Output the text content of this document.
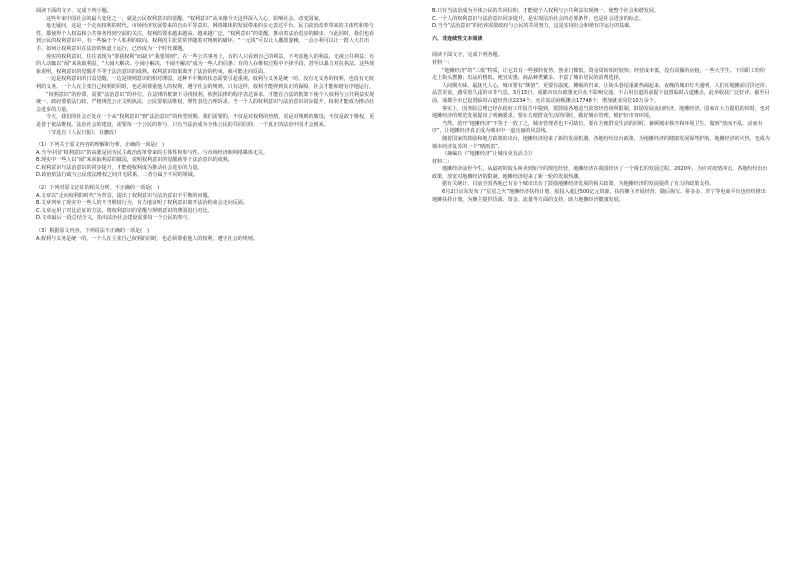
阅读下面的文字，完成下列小题。

这些年来中国社会的最大变化之一，就是公民权利意识的觉醒。“权利意识”从未像今天这样深入人心，影响社会、改变国家。

毫无疑问，这是一个走向权利的时代。市场经济发展带来的自由平等意识、网络媒体的发展带来的多元表达平台、民主政治改革带来的主体性和参与性，都使得个人权益和公共事务得到空前的关注，权利的要求越来越高、越来越广泛，“权利意识”的觉醒，推动着法治进步的脚步。与此同时，我们也看到公民的权利意识中，有一些偏于个人私利的取向，权利的主张常常伴随着对规则的破坏，“一元钱”可以让人撒泼耍赖，一点小利可以让一群人大打出手。如何让权利意识在法治的轨道上运行，已经成为一个时代课题。

现实的权利意识，往往表现为“要我权利”而缺少“我要规则”。在一些公共事务上，有的人只看到自己的利益，不考虑他人的利益，无视公共利益；有的人动辄以“闹”来获取利益，“大闹大解决、小闹小解决、不闹不解决”成为一些人的信条；有的人在维权过程中不择手段，甚至以暴力对抗执法。这些现象说明，权利意识的觉醒并不等于法治意识的成熟。权利意识如果离开了法治的约束，就可能走向反面。

一边是权利意识的日益觉醒，一边是规则意识的相对薄弱，这种不平衡的状态需要引起重视。权利与义务是统一的，没有无义务的权利，也没有无权利的义务。一个人在主张自己权利的同时，也必须尊重他人的权利，遵守社会的规则。只有这样，权利才能得到真正的保障，社会才能和谐有序地运行。

“权利意识”的停滞，需要“法治意识”的补位。在法律的框架下寻找权利，依照法律的程序表达诉求，才能在合法的框架下使个人权利与公共利益实现统一。政府要依法行政，严格规范公正文明执法，公民要依法维权，理性表达合理诉求。当一个人的权利意识与法治意识同步提升，权利才能成为推动社会进步的力量。

今天，我们的社会正处在一个从“权利意识”到“法治意识”的转型时期。我们需要的，不仅是对权利的热情，更是对规则的敬畏；不仅是敢于维权，更是善于依法维权。法治社会的建设，需要每一个公民的参与。只有当法治成为全体公民的共同信仰，一个真正的法治中国才会到来。

（节选自《人民日报》，有删改）

（1）下列关于原文内容的理解和分析，正确的一项是(　)

A.当今中国“权利意识”的高涨是因为民主政治改革带来的主体性和参与性，与市场经济和网络媒体无关。

B.现实中一些人以“闹”来获取利益的做法，说明权利意识的觉醒就等于法治意识的成熟。

C.权利意识与法治意识的同步提升，才能使权利成为推动社会进步的力量。

D.政府依法行政与公民依法维权之间并无联系，二者分属于不同的领域。

（2）下列对原文论证的相关分析，不正确的一项是(　)

A.文章以“走向权利的时代”为背景，提出了权利意识与法治意识不平衡的问题。

B.文章列举了现实中一些人的不当维权行为，有力地证明了权利意识离开法治约束会走向反面。

C.文章运用了对比论证的方法，将权利意识的觉醒与规则意识的薄弱进行对比。

D.文章最后一段总结全文，指出法治社会建设需要每一个公民的参与。

（3）根据原文内容，下列说法不正确的一项是(　)

A.权利与义务是统一的，一个人在主张自己权利的同时，也必须尊重他人的权利，遵守社会的规则。

B.只有当法治成为全体公民的共同信仰，才能使个人权利与公共利益实现统一，使整个社会和谐发展。

C.一个人的权利意识与法治意识同步提升，是实现法治社会的必要条件，也是社会进步的标志。

D.当今“法治意识”的培养需要政府与公民的共同努力，这是实现社会和谐有序运行的基础。

六、非连续性文本阅读

阅读下面文字，完成下列各题。

材料一：

“地摊经济”的“三低”特质，让它具有一些独特优势。创业门槛低，资金周转相对较快；经营成本低，没有高额的房租，一些大学生、下岗职工纷纷走上街头摆摊；出品价格低，便宜实惠，商品种类繁多，丰富了城市居民的消费选择。

人间烟火味，最抚凡人心。城市要有“颜值”，更要有温度。摊贩的归来，让街头巷尾重新热闹起来，夜晚的城市灯火通明，人们在地摊前讨价还价、品尝美食，感受着久违的市井气息。3月15日，成都市出台政策允许在不影响交通、不占用盲道的前提下设置临时占道摊点，此举收获广泛好评。截至目前，成都全市已设置临时占道经营点2234个，允许流动商贩摊点17748个，增加就业岗位10万余个。

事实上，国务院总理已经在政府工作报告中提到，要鼓励各地适当放宽经营场所限制，鼓励发展夜间经济、地摊经济。国家在大力提倡的同时，也对地摊经济的规范发展提出了明确要求，要在方便群众生活的同时，做好城市管理，维护好市容环境。

当然，放开“地摊经济”不等于一放了之，城市管理者也不可缺位。要在方便群众生活的同时，兼顾城市秩序和环境卫生，做到“放而不乱、活而有序”，让地摊经济真正成为城市中一道亮丽的风景线。

随着国家的鼓励和地方政策的出台，地摊经济迎来了新的发展机遇。各地纷纷出台政策，为地摊经济的健康发展保驾护航，地摊经济的火热，也成为城市经济复苏的一个“晴雨表”。

（摘编自《“地摊经济”让城市更有活力》）

材料二：

地摊经济前世今生，从最初的街头叫卖到如今的规范经营，地摊经济在我国经历了一个漫长的发展过程。2020年，为应对疫情冲击，各地纷纷出台政策，放宽对地摊经济的限制，地摊经济迎来了新一轮的发展热潮。

据有关统计，目前全国各地已有多个城市出台了鼓励地摊经济发展的相关政策，为地摊经济的发展提供了有力的政策支持。

6月2日京东发布了“星星之火”地摊经济扶持计划，拟投入超过500亿元资源，扶持摊主开展经营，随后淘宝、拼多多、苏宁等电商平台也纷纷推出地摊扶持计划，为摊主提供货源、资金、流量等方面的支持，助力地摊经济健康发展。
